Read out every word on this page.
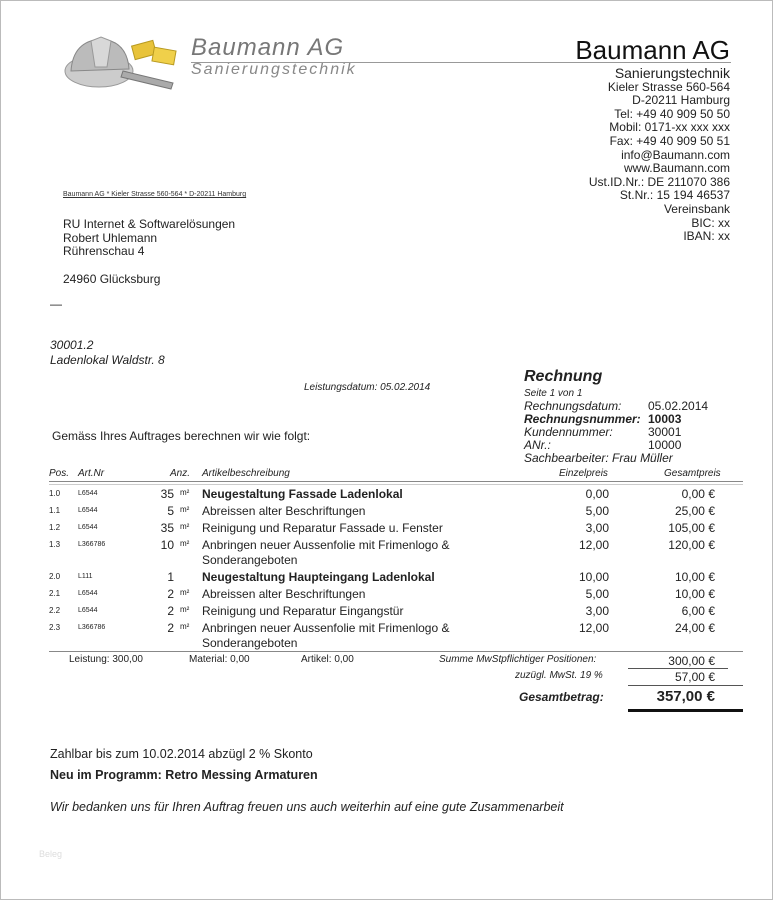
Baumann AG
Sanierungstechnik
Baumann AG
Sanierungstechnik
Kieler Strasse 560-564
D-20211 Hamburg
Tel: +49 40 909 50 50
Mobil: 0171-xx xxx xxx
Fax: +49 40 909 50 51
info@Baumann.com
www.Baumann.com
Ust.ID.Nr.: DE 211070 386
St.Nr.: 15 194 46537
Vereinsbank
BIC: xx
IBAN: xx
Baumann AG * Kieler Strasse 560-564 * D-20211 Hamburg
RU Internet & Softwarelösungen
Robert Uhlemann
Rührenschau 4
24960 Glücksburg
—
30001.2
Ladenlokal Waldstr. 8
Leistungsdatum: 05.02.2014
Rechnung
Seite 1 von 1
Rechnungsdatum:	05.02.2014
Rechnungsnummer: 10003
Kundennummer:	30001
ANr.:	10000
Sachbearbeiter: Frau Müller
Gemäss Ihres Auftrages berechnen wir wie folgt:
Pos. Art.Nr	Anz. Artikelbeschreibung	Einzelpreis	Gesamtpreis
1.0	L6544	35 m² Neugestaltung Fassade Ladenlokal	0,00	0,00 €
1.1	L6544	5 m² Abreissen alter Beschriftungen	5,00	25,00 €
1.2	L6544	35 m² Reinigung und Reparatur Fassade u. Fenster	3,00	105,00 €
1.3	L366786	10 m² Anbringen neuer Aussenfolie mit Frimenlogo & Sonderangeboten
12,00	120,00 €
2.0	L111	1 Neugestaltung Haupteingang Ladenlokal	10,00	10,00 €
2.1	L6544	2 m² Abreissen alter Beschriftungen	5,00	10,00 €
2.2	L6544	2 m² Reinigung und Reparatur Eingangstür	3,00	6,00 €
2.3	L366786	2 m² Anbringen neuer Aussenfolie mit Frimenlogo & Sonderangeboten
12,00	24,00 €
Leistung: 300,00	Material: 0,00	Artikel: 0,00	Summe MwStpflichtiger Positionen:	300,00 €
zuzügl. MwSt. 19 %	57,00 €
Gesamtbetrag:	357,00 €
Zahlbar bis zum 10.02.2014 abzügl 2 % Skonto
Neu im Programm: Retro Messing Armaturen
Wir bedanken uns für Ihren Auftrag freuen uns auch weiterhin auf eine gute Zusammenarbeit
Beleg
